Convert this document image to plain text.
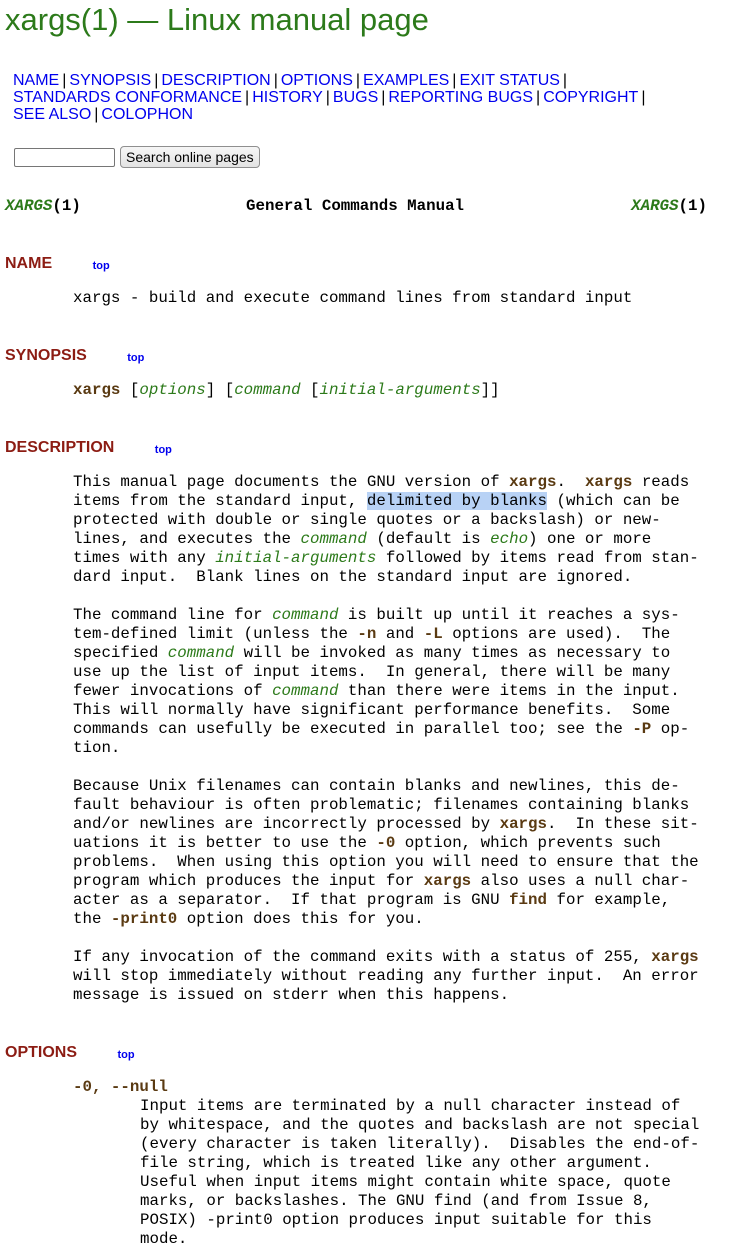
xargs(1) — Linux manual page
NAME | SYNOPSIS | DESCRIPTION | OPTIONS | EXAMPLES | EXIT STATUS |
STANDARDS CONFORMANCE | HISTORY | BUGS | REPORTING BUGS | COPYRIGHT |
SEE ALSO | COLOPHON
Search online pages

XARGS(1)

	General Commands Manual

	XARGS(1)

NAME	top
xargs - build and execute command lines from standard input
SYNOPSIS	top
xargs [options] [command [initial-arguments]]
DESCRIPTION	top
This manual page documents the GNU version of xargs.  xargs reads
items from the standard input, delimited by blanks (which can be
protected with double or single quotes or a backslash) or new-
lines, and executes the command (default is echo) one or more
times with any initial-arguments followed by items read from stan-
dard input.  Blank lines on the standard input are ignored.
The command line for command is built up until it reaches a sys-
tem-defined limit (unless the -n and -L options are used).  The
specified command will be invoked as many times as necessary to
use up the list of input items.  In general, there will be many
fewer invocations of command than there were items in the input.
This will normally have significant performance benefits.  Some
commands can usefully be executed in parallel too; see the -P op-
tion.
Because Unix filenames can contain blanks and newlines, this de-
fault behaviour is often problematic; filenames containing blanks
and/or newlines are incorrectly processed by xargs.  In these sit-
uations it is better to use the -0 option, which prevents such
problems.  When using this option you will need to ensure that the
program which produces the input for xargs also uses a null char-
acter as a separator.  If that program is GNU find for example,
the -print0 option does this for you.
If any invocation of the command exits with a status of 255, xargs
will stop immediately without reading any further input.  An error
message is issued on stderr when this happens.
OPTIONS	top
-0, --null
Input items are terminated by a null character instead of
by whitespace, and the quotes and backslash are not special
(every character is taken literally).  Disables the end-of-
file string, which is treated like any other argument.
Useful when input items might contain white space, quote
marks, or backslashes. The GNU find (and from Issue 8,
POSIX) -print0 option produces input suitable for this
mode.
